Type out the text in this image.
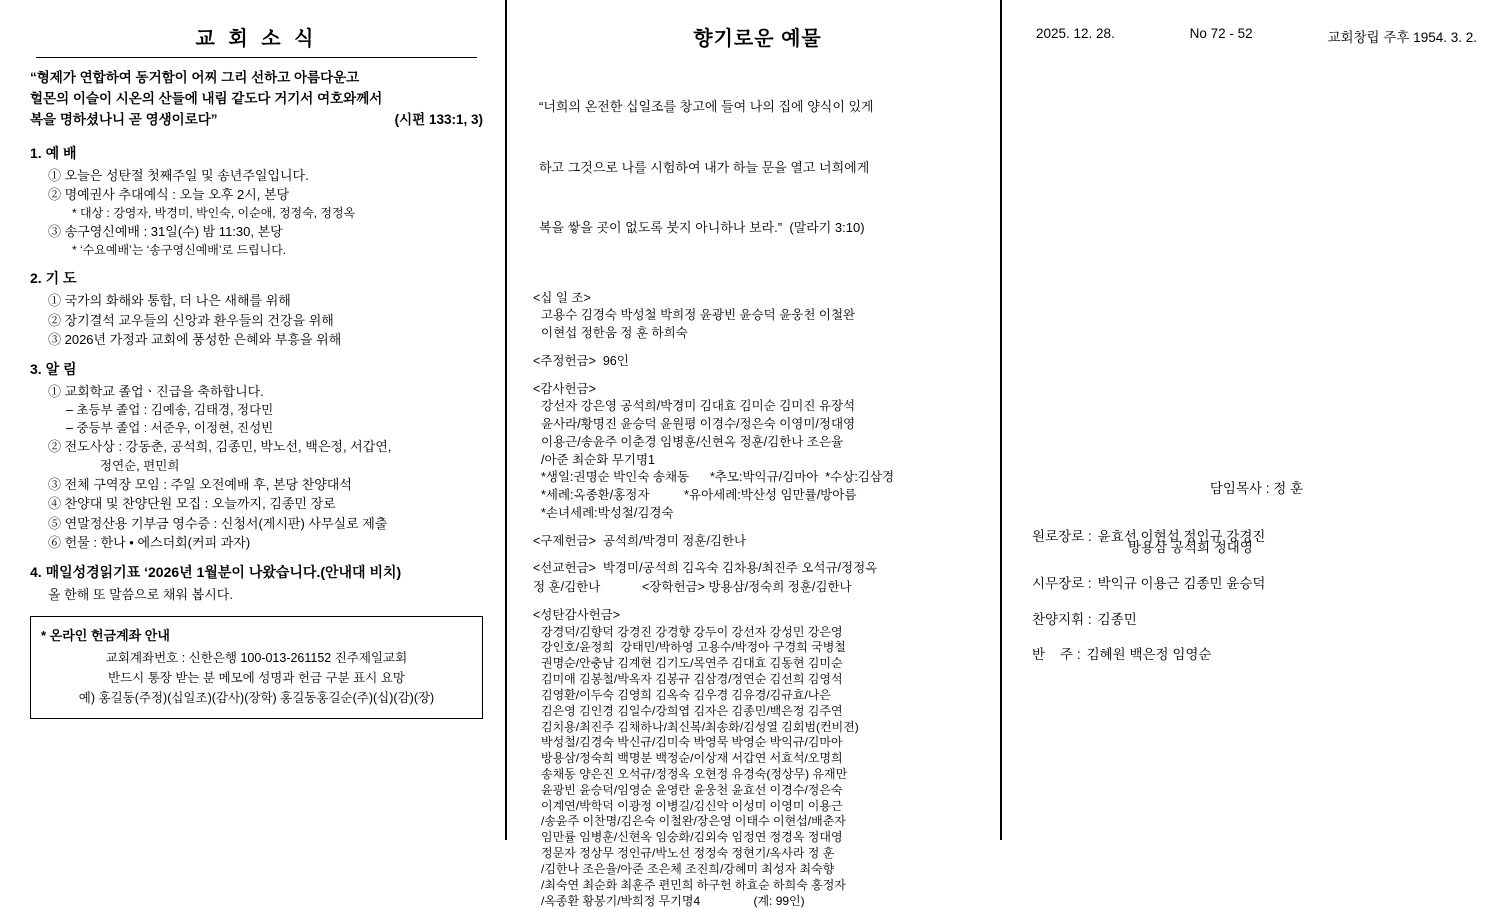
교 회 소 식
“형제가 연합하여 동거함이 어찌 그리 선하고 아름다운고
헐몬의 이슬이 시온의 산들에 내림 같도다 거기서 여호와께서
복을 명하셨나니 곧 영생이로다”	(시편 133:1, 3)
1. 예 배
① 오늘은 성탄절 첫째주일 및 송년주일입니다.
② 명예권사 추대예식 : 오늘 오후 2시, 본당
* 대상 : 강영자, 박경미, 박인숙, 이순애, 정정숙, 정정옥
③ 송구영신예배 : 31일(수) 밤 11:30, 본당
* ‘수요예배’는 ‘송구영신예배’로 드립니다.
2. 기 도
① 국가의 화해와 통합, 더 나은 새해를 위해
② 장기결석 교우들의 신앙과 환우들의 건강을 위해
③ 2026년 가정과 교회에 풍성한 은혜와 부흥을 위해
3. 알 림
① 교회학교 졸업ㆍ진급을 축하합니다.
– 초등부 졸업 : 김예송, 김태경, 정다민
– 중등부 졸업 : 서준우, 이정현, 진성빈
② 전도사상 : 강동춘, 공석희, 김종민, 박노선, 백은정, 서갑연,
정연순, 편민희
③ 전체 구역장 모임 : 주일 오전예배 후, 본당 찬양대석
④ 찬양대 및 찬양단원 모집 : 오늘까지, 김종민 장로
⑤ 연말정산용 기부금 영수증 : 신청서(게시판) 사무실로 제출
⑥ 헌물 : 한나 • 에스더회(커피 과자)
4. 매일성경읽기표 ‘2026년 1월분이 나왔습니다.(안내대 비치)
올 한해 또 말씀으로 채워 봅시다.
* 온라인 헌금계좌 안내
교회계좌번호 : 신한은행 100-013-261152 진주제일교회
반드시 통장 받는 분 메모에 성명과 헌금 구분 표시 요망
예) 홍길동(주정)(십일조)(감사)(장학) 홍길동홍길순(주)(십)(감)(장)
향기로운 예물

“너희의 온전한 십일조를 창고에 들여 나의 집에 양식이 있게

하고 그것으로 나를 시험하여 내가 하늘 문을 열고 너희에게

복을 쌓을 곳이 없도록 붓지 아니하나 보라.”  (말라기 3:10)

<십 일 조>
고용수 김경숙 박성철 박희정 윤광빈 윤승덕 윤웅천 이철완
이현섭 정한움 정 훈 하희숙
<주정헌금>  96인
<감사헌금>
강선자 강은영 공석희/박경미 김대효 김미순 김미진 유장석
윤사라/황명진 윤승덕 윤원평 이경수/정은숙 이영미/정대영
이용근/송윤주 이춘경 임병훈/신현옥 정훈/김한나 조은율
/아준 최순화 무기명1
*생일:권명순 박인숙 송채동      *추모:박익규/김마아  *수상:김삼경
*세례:옥종환/홍정자          *유아세례:박산성 임만률/방아름
*손녀세례:박성철/김경숙
<구제헌금>  공석희/박경미 정훈/김한나
<선교헌금>  박경미/공석희 김옥숙 김차용/최진주 오석규/정정옥
정 훈/김한나            <장학헌금> 방용삼/정숙희 정훈/김한나
<성탄감사헌금>
강경덕/김향덕 강경진 강경향 강두이 강선자 강성민 강은영
강인호/윤정희  강태민/박하영 고용수/박정아 구경희 국병철
권명순/안충남 김계현 김기도/목연주 김대효 김동현 김미순
김미애 김봉철/박옥자 김봉규 김삼경/정연순 김선희 김영석
김영환/이두숙 김영희 김옥숙 김우경 김유경/김규효/나은
김은영 김인경 김일수/강희엽 김자은 김종민/백은정 김주연
김치용/최진주 김채하나/최신복/최송화/김성열 김회범(컨비젼)
박성철/김경숙 박신규/김미숙 박영묵 박영순 박익규/김마아
방용삼/정숙희 백명분 백정순/이상재 서갑연 서효석/오명희
송채동 양은진 오석규/정정옥 오현정 유경숙(정상무) 유재만
윤광빈 윤승덕/임영순 윤영란 윤웅천 윤효선 이경수/정은숙
이계연/박학덕 이광정 이병길/김신악 이성미 이영미 이용근
/송윤주 이찬명/김은숙 이철완/장은영 이태수 이현섭/배춘자
임만률 임병훈/신현옥 임숭화/김외숙 임정연 정경옥 정대영
정문자 정상무 정인규/박노선 정정숙 정현기/옥사라 정 훈
/김한나 조은율/아준 조은체 조진희/강혜미 최성자 최숙향
/최숙연 최순화 최훈주 편민희 하구헌 하효순 하희숙 홍정자
/옥종환 황봉기/박희정 무기명4                (계: 99인)
2025. 12. 28.	No 72 - 52	교회창립 주후 1954. 3. 2.
담임목사 : 정 훈
원로장로 : 윤효선 이현섭 정인규 강경진
방용삼 공석희 정대영
시무장로 : 박익규 이용근 김종민 윤승덕
찬양지휘 : 김종민
반    주 : 김혜원 백은정 임영순
